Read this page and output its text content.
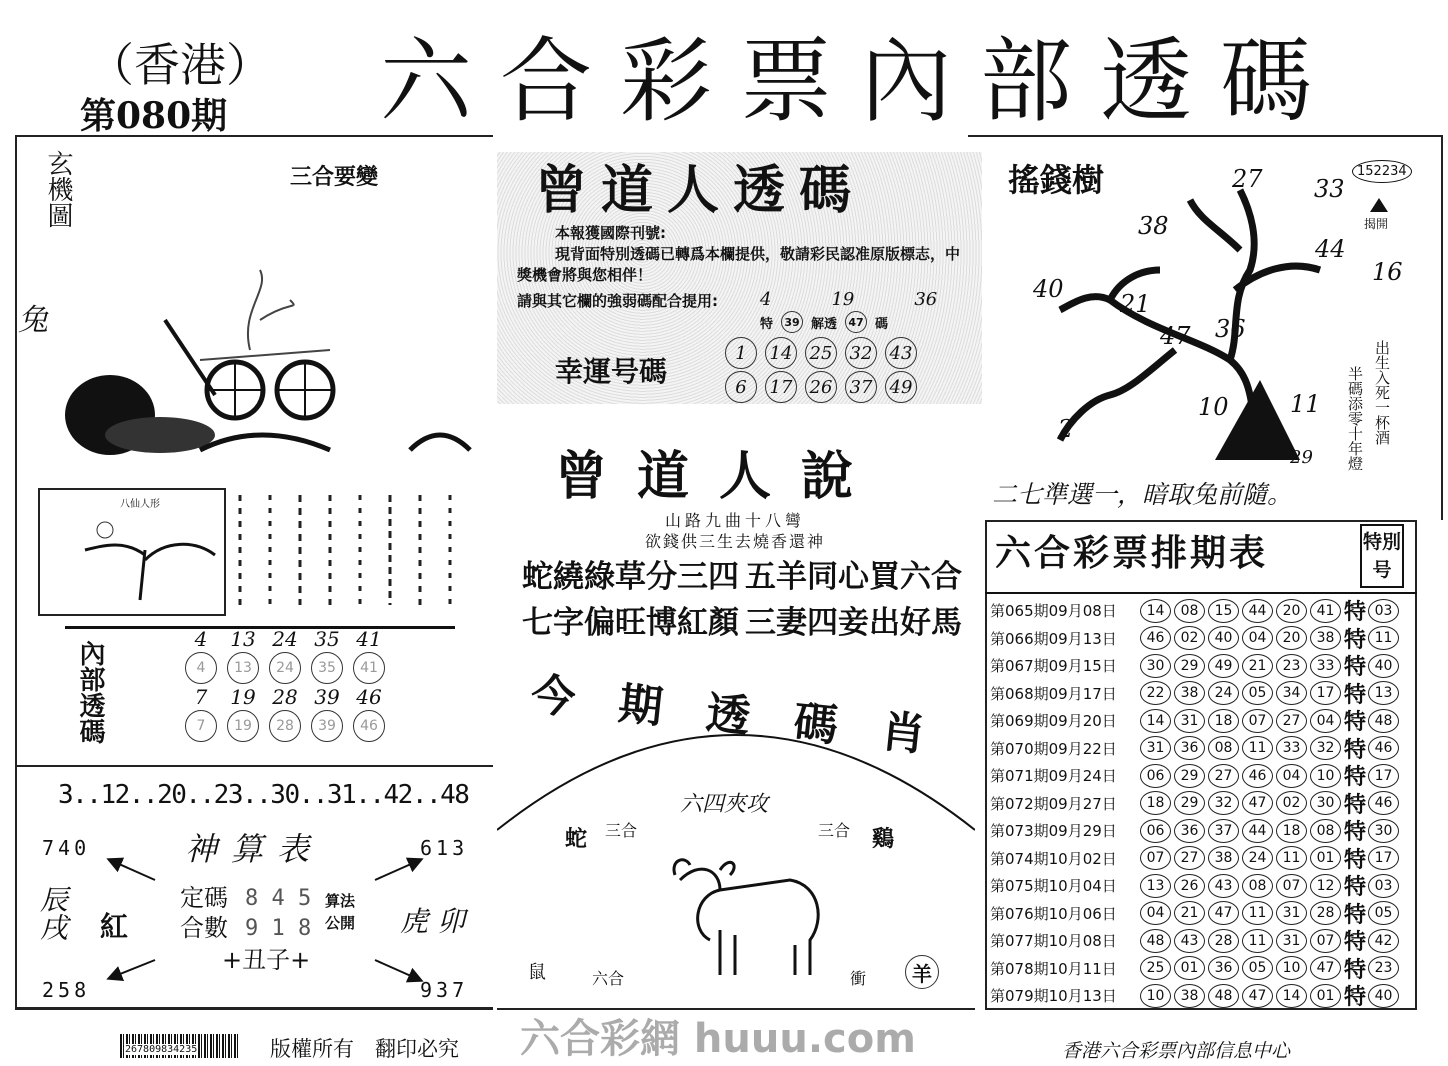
（香港）
第080期 六合彩票內部透碼
玄機圖	三合要變
兔
八仙人形
內部透碼
4	13 24 35 41
4	13	24	35	41
7	19 28 39 46
7	19	28	39	46
3..12..20..23..30..31..42..48
神算表
740	613
258	937
定碼 8 4 5
合數 9 1 8
算法公開
+丑子+
辰戌 紅	虎 卯
曾道人透碼
本報獲國際刊號:
現背面特別透碼已轉爲本欄提供，敬請彩民認准原版標志，中獎機會將與您相伴！
請與其它欄的強弱碼配合提用:
幸運号碼
4	19	36
特	39 解透	47 碼
1	14 25 32 43
6	17 26 37 49
曾道人說
山路九曲十八彎
欲錢供三生去燒香還神
蛇繞綠草分三四 五羊同心買六合
七字偏旺博紅顏 三妻四妾出好馬
今期透碼肖
蛇 三合
六四夾攻
三合 鷄
鼠	六合	衝	羊
搖錢樹	152234
揭開
27 33
38
44
16
40
21
47 36
2
10	11
29
出生入死一杯酒
半碼添零十年燈
二七準選一，暗取兔前隨。
六合彩票排期表	特別号
第065期09月08日	14	08	15	44	20	41 特 03
第066期09月13日	46	02	40	04	20	38 特 11
第067期09月15日	30	29	49	21	23	33 特 40
第068期09月17日	22	38	24	05	34	17 特 13
第069期09月20日	14	31	18	07	27	04 特 48
第070期09月22日	31	36	08	11	33	32 特 46
第071期09月24日	06	29	27	46	04	10 特 17
第072期09月27日	18	29	32	47	02	30 特 46
第073期09月29日	06	36	37	44	18	08 特 30
第074期10月02日	07	27	38	24	11	01 特 17
第075期10月04日	13	26	43	08	07	12 特 03
第076期10月06日	04	21	47	11	31	28 特 05
第077期10月08日	48	43	28	11	31	07 特 42
第078期10月11日	25	01	36	05	10	47 特 23
第079期10月13日	10	38	48	47	14	01 特 40
267809834235	版權所有　翻印必究	香港六合彩票內部信息中心
六合彩網 huuu.com
